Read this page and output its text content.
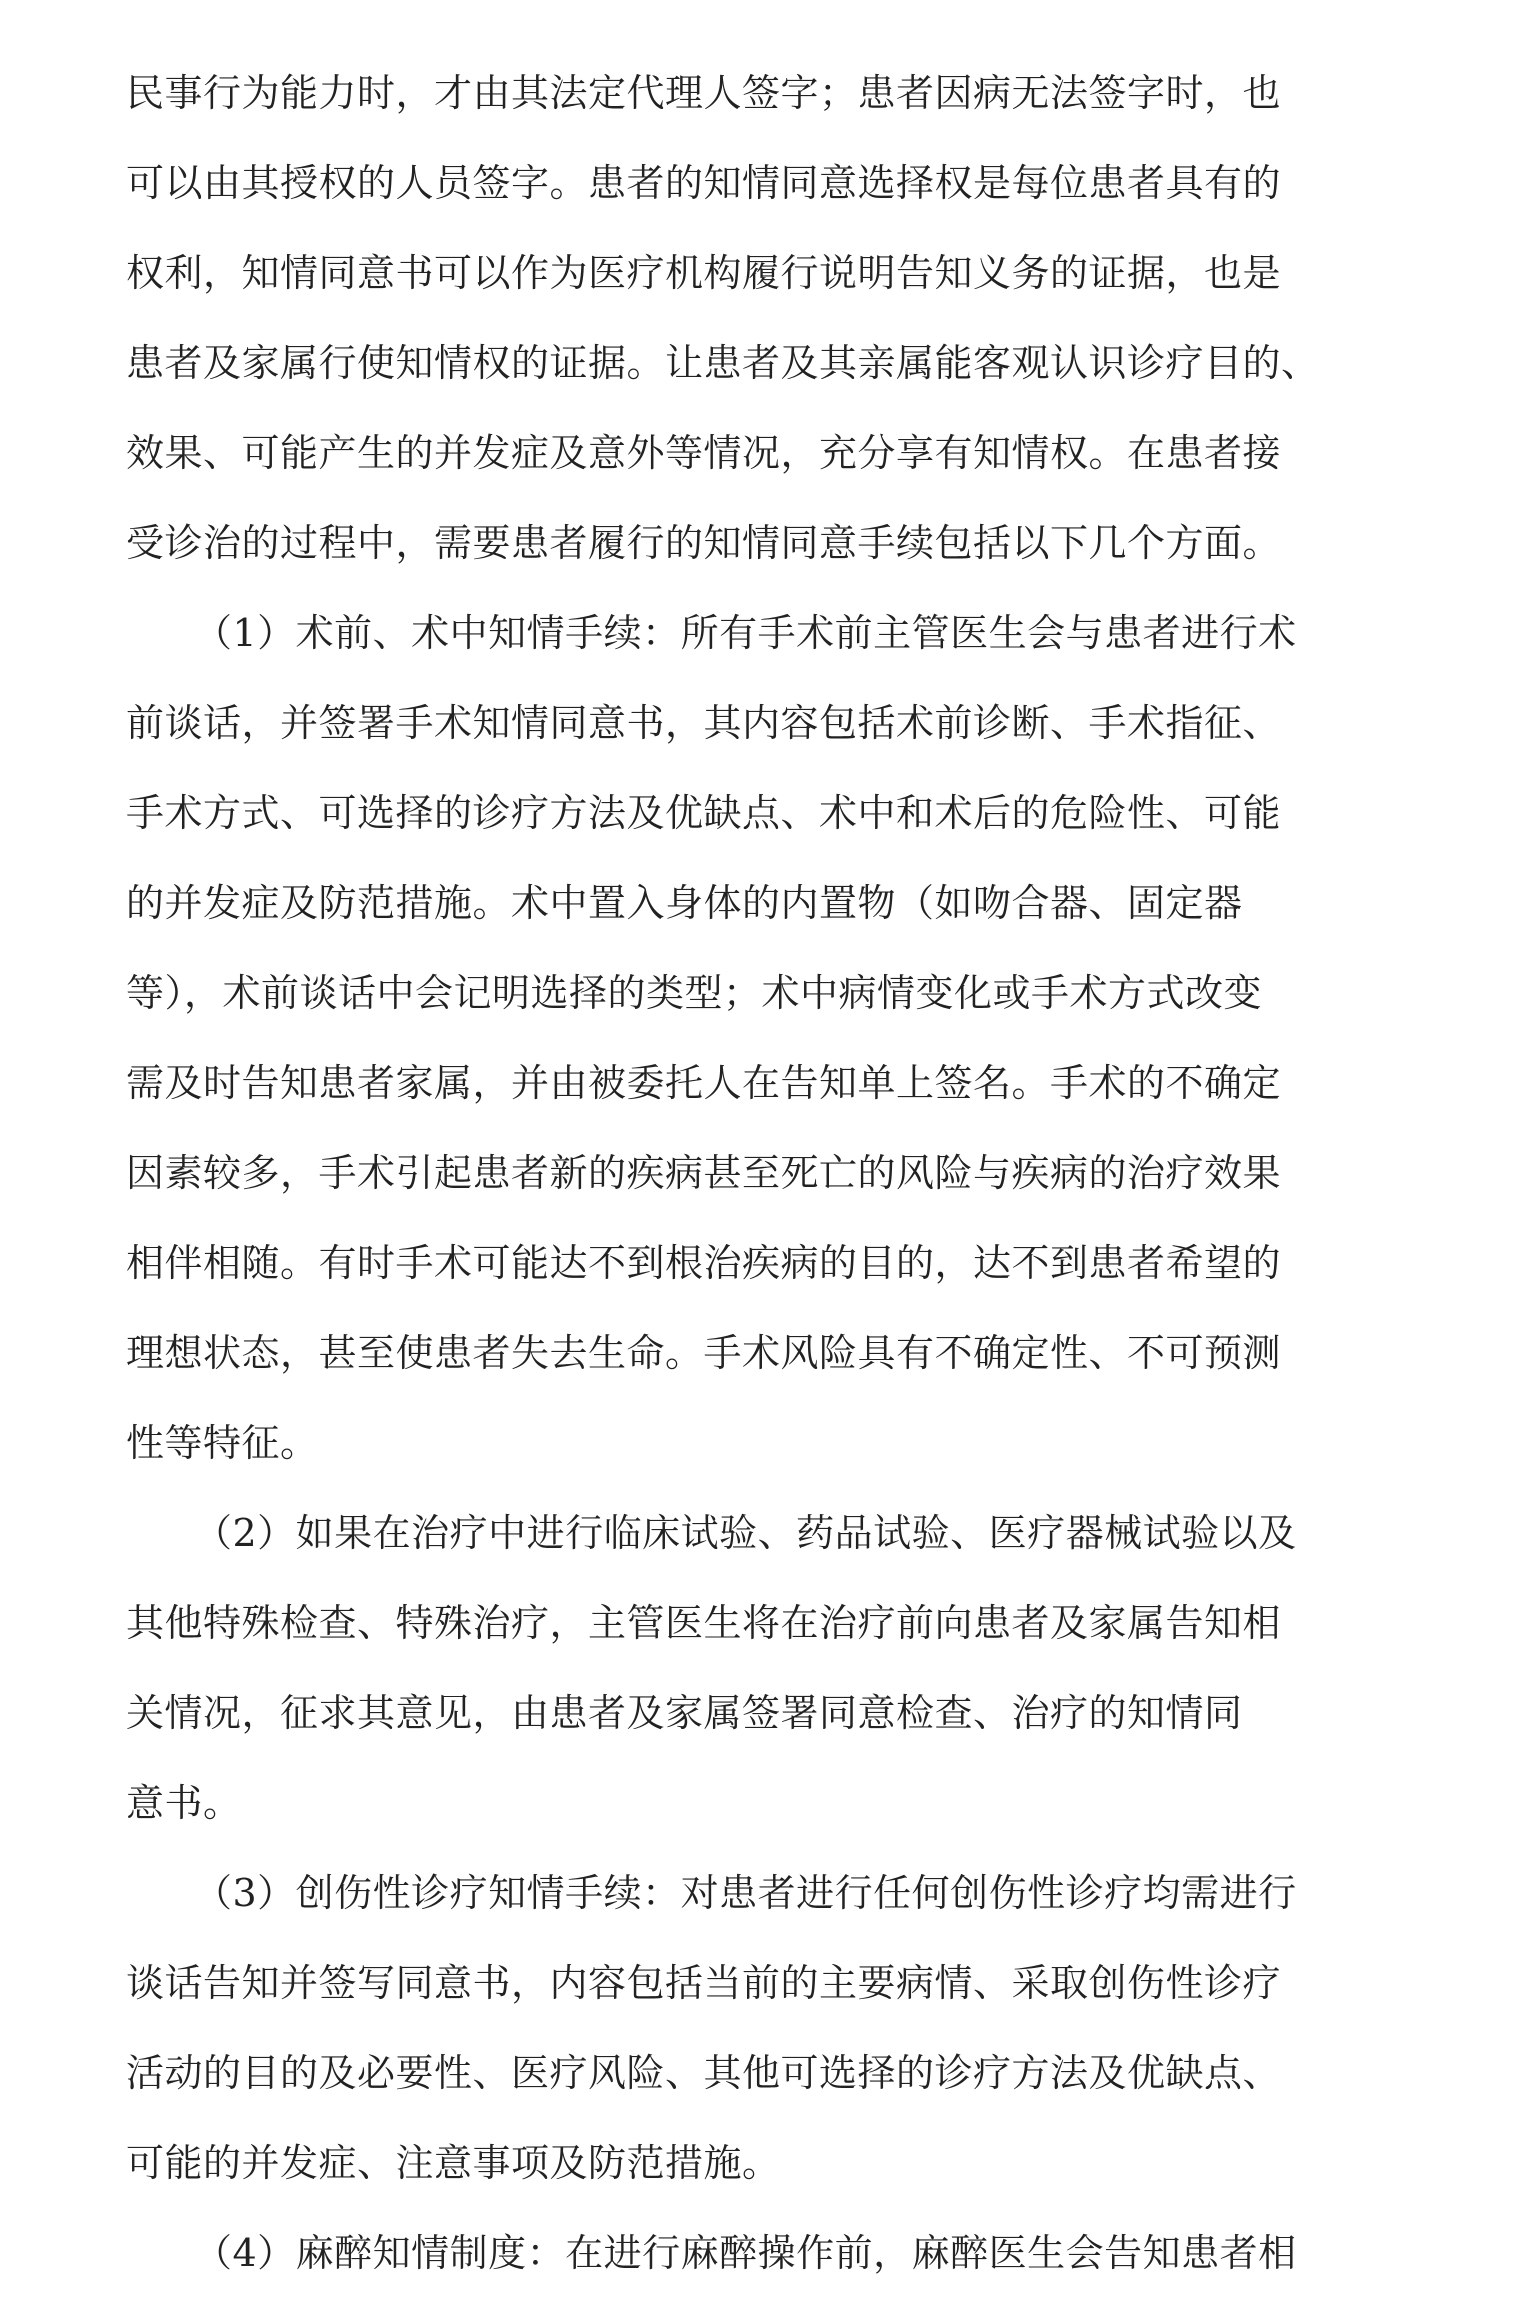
民事行为能力时，才由其法定代理人签字；患者因病无法签字时，也
可以由其授权的人员签字。患者的知情同意选择权是每位患者具有的
权利，知情同意书可以作为医疗机构履行说明告知义务的证据，也是
患者及家属行使知情权的证据。让患者及其亲属能客观认识诊疗目的、
效果、可能产生的并发症及意外等情况，充分享有知情权。在患者接
受诊治的过程中，需要患者履行的知情同意手续包括以下几个方面。
（1）术前、术中知情手续：所有手术前主管医生会与患者进行术
前谈话，并签署手术知情同意书，其内容包括术前诊断、手术指征、
手术方式、可选择的诊疗方法及优缺点、术中和术后的危险性、可能
的并发症及防范措施。术中置入身体的内置物（如吻合器、固定器
等），术前谈话中会记明选择的类型；术中病情变化或手术方式改变
需及时告知患者家属，并由被委托人在告知单上签名。手术的不确定
因素较多，手术引起患者新的疾病甚至死亡的风险与疾病的治疗效果
相伴相随。有时手术可能达不到根治疾病的目的，达不到患者希望的
理想状态，甚至使患者失去生命。手术风险具有不确定性、不可预测
性等特征。
（2）如果在治疗中进行临床试验、药品试验、医疗器械试验以及
其他特殊检查、特殊治疗，主管医生将在治疗前向患者及家属告知相
关情况，征求其意见，由患者及家属签署同意检查、治疗的知情同
意书。
（3）创伤性诊疗知情手续：对患者进行任何创伤性诊疗均需进行
谈话告知并签写同意书，内容包括当前的主要病情、采取创伤性诊疗
活动的目的及必要性、医疗风险、其他可选择的诊疗方法及优缺点、
可能的并发症、注意事项及防范措施。
（4）麻醉知情制度：在进行麻醉操作前，麻醉医生会告知患者相
